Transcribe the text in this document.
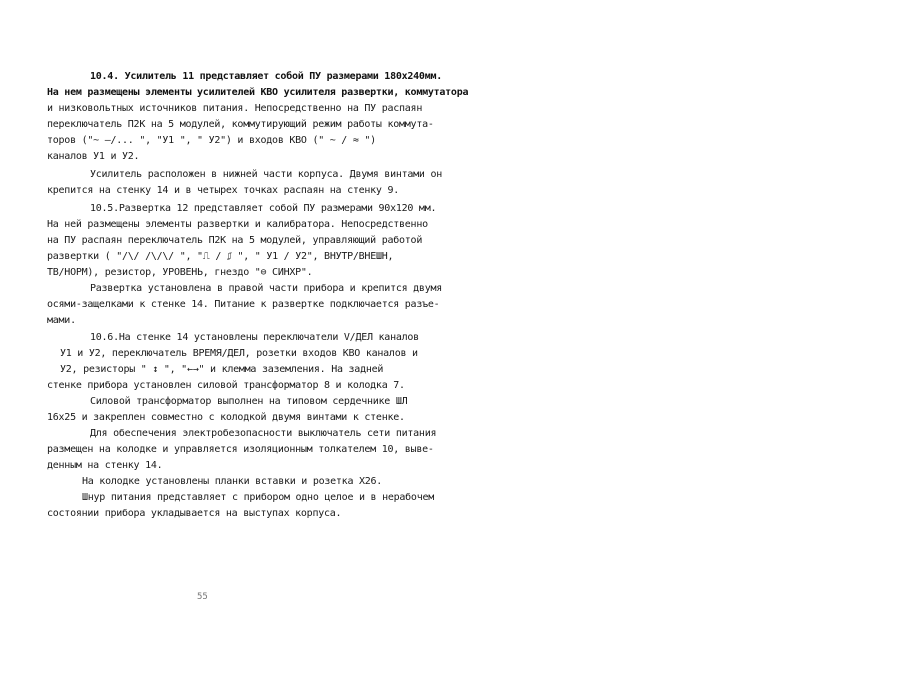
10.4. Усилитель 11 представляет собой ПУ размерами 180x240мм.
На нем размещены элементы усилителей КВО усилителя развертки, коммутатора
и низковольтных источников питания. Непосредственно на ПУ распаян
переключатель П2К на 5 модулей, коммутирующий режим работы коммута-
торов ("~ —/... ", "У1 ", " У2") и входов КВО (" ~ / ≈ ")
каналов У1 и У2.
Усилитель расположен в нижней части корпуса. Двумя винтами он
крепится на стенку 14 и в четырех точках распаян на стенку 9.
10.5.Развертка 12 представляет собой ПУ размерами 90x120 мм.
На ней размещены элементы развертки и калибратора. Непосредственно
на ПУ распаян переключатель П2К на 5 модулей, управляющий работой
развертки ( "/\/ /\/\/ ", "⎍ / ⎎ ", " У1 / У2", ВНУТР/ВНЕШН,
ТВ/НОРМ), резистор, УРОВЕНЬ, гнездо "⊖ СИНХР".
Развертка установлена в правой части прибора и крепится двумя
осями-защелками к стенке 14. Питание к развертке подключается разъе-
мами.
10.6.На стенке 14 установлены переключатели V/ДЕЛ каналов
У1 и У2, переключатель ВРЕМЯ/ДЕЛ, розетки входов КВО каналов и
У2, резисторы " ↕ ", "←→" и клемма заземления. На задней
стенке прибора установлен силовой трансформатор 8 и колодка 7.
Силовой трансформатор выполнен на типовом сердечнике ШЛ
16x25 и закреплен совместно с колодкой двумя винтами к стенке.
Для обеспечения электробезопасности выключатель сети питания
размещен на колодке и управляется изоляционным толкателем 10, выве-
денным на стенку 14.
На колодке установлены планки вставки и розетка Х26.
Шнур питания представляет с прибором одно целое и в нерабочем
состоянии прибора укладывается на выступах корпуса.
55
